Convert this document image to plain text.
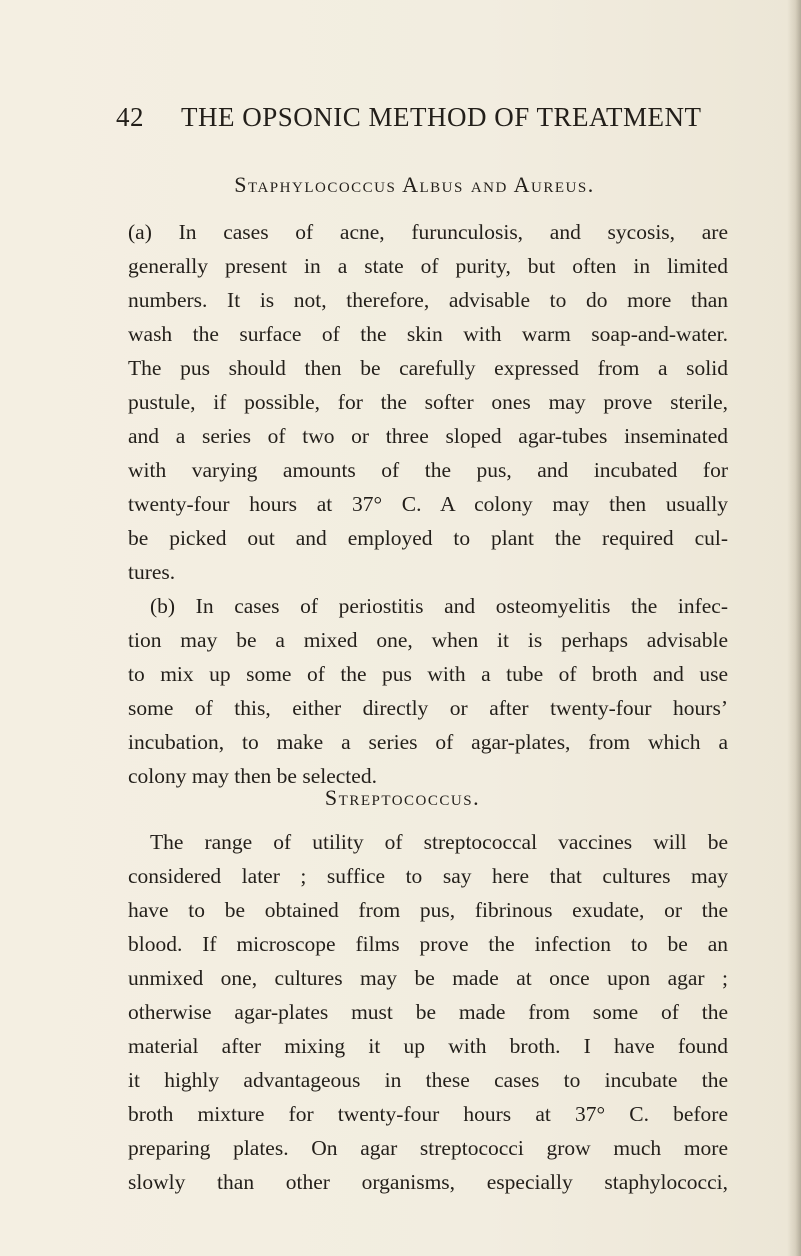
42 THE OPSONIC METHOD OF TREATMENT
Staphylococcus Albus and Aureus.
(a) In cases of acne, furunculosis, and sycosis, are
generally present in a state of purity, but often in limited
numbers. It is not, therefore, advisable to do more than
wash the surface of the skin with warm soap-and-water.
The pus should then be carefully expressed from a solid
pustule, if possible, for the softer ones may prove sterile,
and a series of two or three sloped agar-tubes inseminated
with varying amounts of the pus, and incubated for
twenty-four hours at 37° C. A colony may then usually
be picked out and employed to plant the required cul-
tures.
(b) In cases of periostitis and osteomyelitis the infec-
tion may be a mixed one, when it is perhaps advisable
to mix up some of the pus with a tube of broth and use
some of this, either directly or after twenty-four hours’
incubation, to make a series of agar-plates, from which a
colony may then be selected.
Streptococcus.
The range of utility of streptococcal vaccines will be
considered later ; suffice to say here that cultures may
have to be obtained from pus, fibrinous exudate, or the
blood. If microscope films prove the infection to be an
unmixed one, cultures may be made at once upon agar ;
otherwise agar-plates must be made from some of the
material after mixing it up with broth. I have found
it highly advantageous in these cases to incubate the
broth mixture for twenty-four hours at 37° C. before
preparing plates. On agar streptococci grow much more
slowly than other organisms, especially staphylococci,
